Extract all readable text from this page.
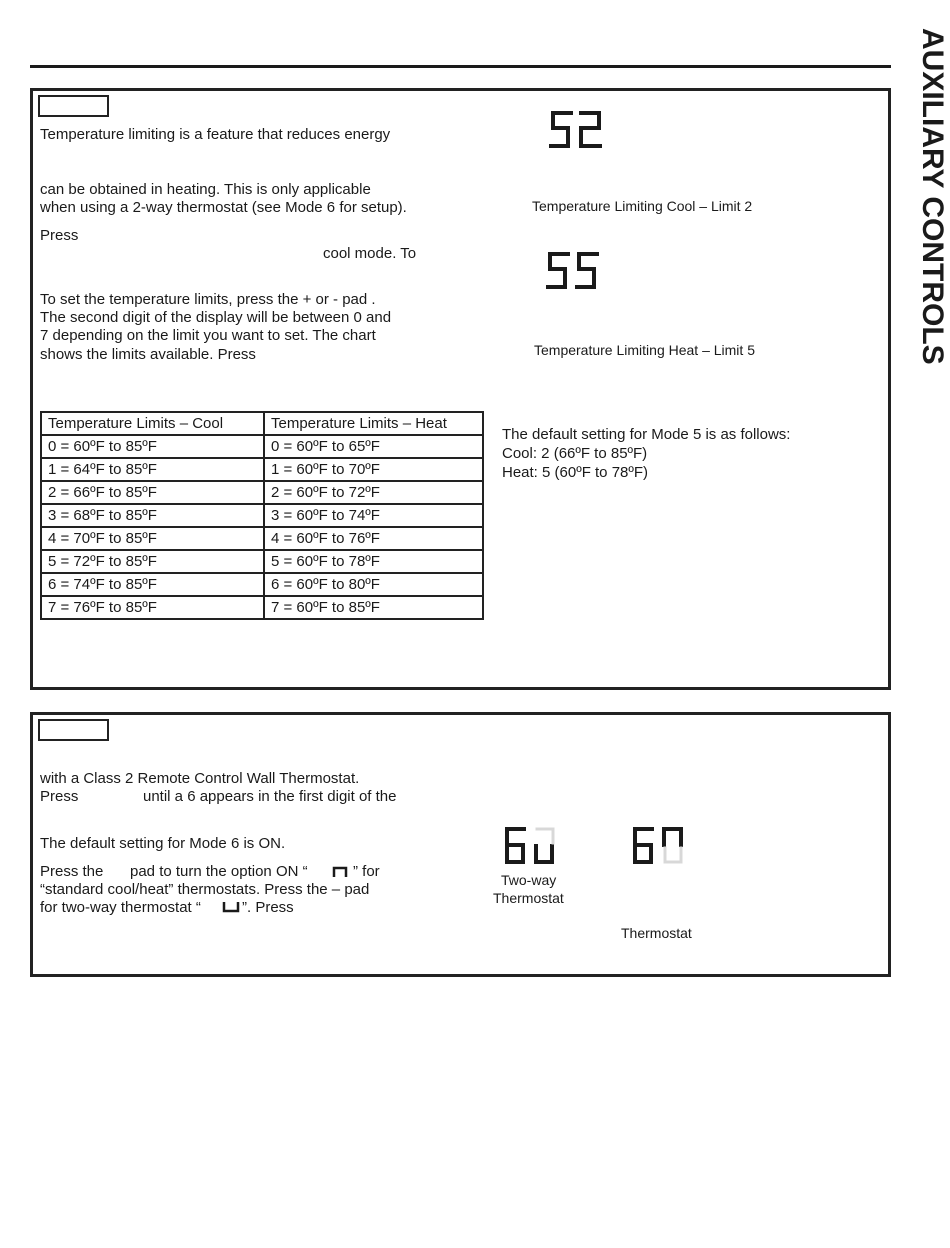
AUXILIARY CONTROLS
Temperature limiting is a feature that reduces energy
can be obtained in heating. This is only applicable
when using a 2-way thermostat (see Mode 6 for setup).
Press
cool mode. To
To set the temperature limits, press the + or - pad .
The second digit of the display will be between 0 and
7 depending on the limit you want to set. The chart
shows the limits available. Press
Temperature Limits – Cool	Temperature Limits – Heat
0 = 60ºF to 85ºF	0 = 60ºF to 65ºF
1 = 64ºF to 85ºF	1 = 60ºF to 70ºF
2 = 66ºF to 85ºF	2 = 60ºF to 72ºF
3 = 68ºF to 85ºF	3 = 60ºF to 74ºF
4 = 70ºF to 85ºF	4 = 60ºF to 76ºF
5 = 72ºF to 85ºF	5 = 60ºF to 78ºF
6 = 74ºF to 85ºF	6 = 60ºF to 80ºF
7 = 76ºF to 85ºF	7 = 60ºF to 85ºF
Temperature Limiting Cool – Limit 2
Temperature Limiting Heat – Limit 5
The default setting for Mode 5 is as follows:
Cool: 2 (66ºF to 85ºF)
Heat: 5 (60ºF to 78ºF)
with a Class 2 Remote Control Wall Thermostat.
Press	until a 6 appears in the first digit of the
The default setting for Mode 6 is ON.
Press the pad to turn the option ON “	” for
“standard cool/heat” thermostats. Press the – pad
for two-way thermostat “	”. Press
Two-way
Thermostat
Thermostat
